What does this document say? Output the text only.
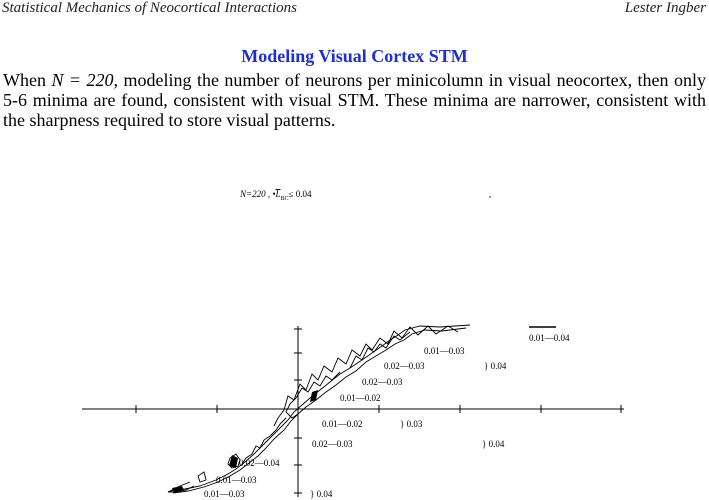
Statistical Mechanics of Neocortical Interactions	Lester Ingber
Modeling Visual Cortex STM

When N = 220, modeling the number of neurons per minicolumn in visual neocortex, then only 5-6 minima are found, consistent with visual STM. These minima are narrower, consistent with the sharpness required to store visual patterns.

N=220 , $•L_{BC}\le 0.04$
0.01—0.04
0.01—0.03
0.02—0.03	} 0.04
0.02—0.03
0.01—0.02
0.01—0.02	} 0.03
0.02—0.03	} 0.04
0.02—0.04
0.01—0.03
0.01—0.03	} 0.04
